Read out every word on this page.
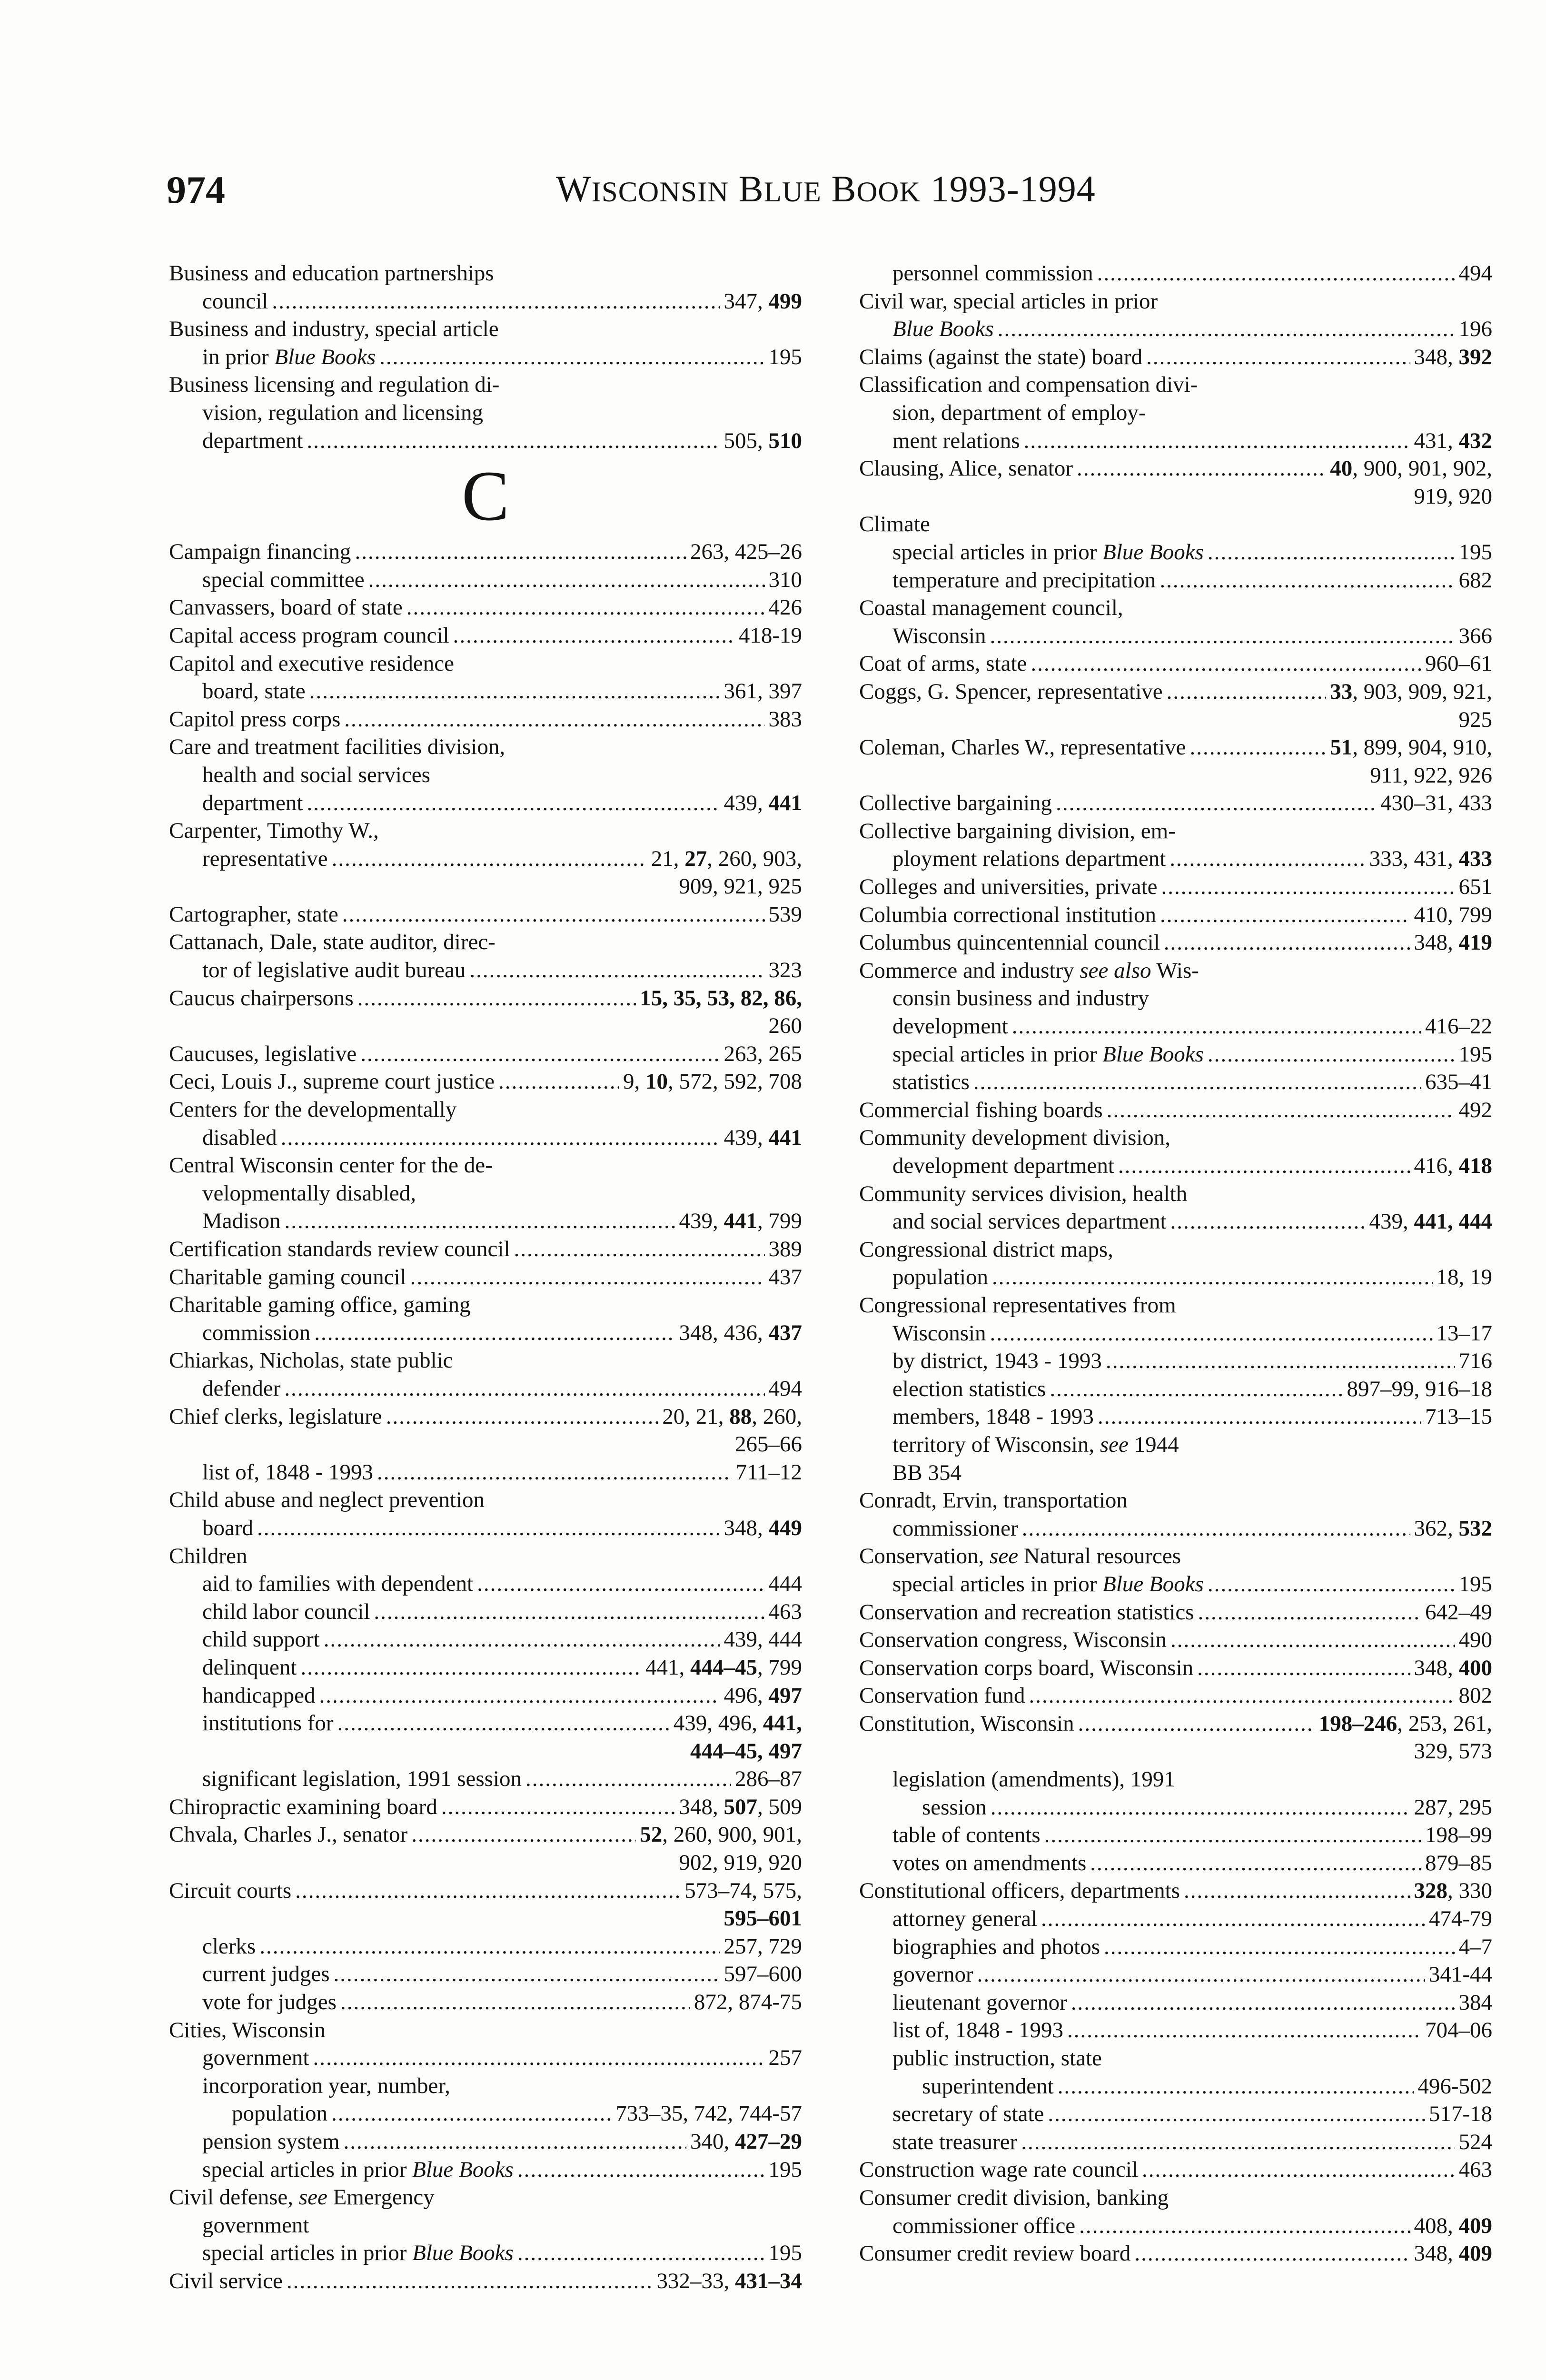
974	WISCONSIN BLUE BOOK 1993-1994
Business and education partnerships
council .....	347, 499
Business and industry, special article
in prior Blue Books .....	195
Business licensing and regulation di-
vision, regulation and licensing
department .....	505, 510
C
Campaign financing .....	263, 425–26
special committee .....	310
Canvassers, board of state .....	426
Capital access program council .....	418-19
Capitol and executive residence
board, state .....	361, 397
Capitol press corps .....	383
Care and treatment facilities division,
health and social services
department .....	439, 441
Carpenter, Timothy W.,
representative .....	21, 27, 260, 903,
909, 921, 925
Cartographer, state .....	539
Cattanach, Dale, state auditor, direc-
tor of legislative audit bureau .....	323
Caucus chairpersons .....	15, 35, 53, 82, 86,
260
Caucuses, legislative .....	263, 265
Ceci, Louis J., supreme court justice .....	9, 10, 572, 592, 708
Centers for the developmentally
disabled .....	439, 441
Central Wisconsin center for the de-
velopmentally disabled,
Madison .....	439, 441, 799
Certification standards review council .....	389
Charitable gaming council .....	437
Charitable gaming office, gaming
commission .....	348, 436, 437
Chiarkas, Nicholas, state public
defender .....	494
Chief clerks, legislature .....	20, 21, 88, 260,
265–66
list of, 1848 - 1993 .....	711–12
Child abuse and neglect prevention
board .....	348, 449
Children
aid to families with dependent .....	444
child labor council .....	463
child support .....	439, 444
delinquent .....	441, 444–45, 799
handicapped .....	496, 497
institutions for .....	439, 496, 441,
444–45, 497
significant legislation, 1991 session .....	286–87
Chiropractic examining board .....	348, 507, 509
Chvala, Charles J., senator .....	52, 260, 900, 901,
902, 919, 920
Circuit courts .....	573–74, 575,
595–601
clerks .....	257, 729
current judges .....	597–600
vote for judges .....	872, 874-75
Cities, Wisconsin
government .....	257
incorporation year, number,
population .....	733–35, 742, 744-57
pension system .....	340, 427–29
special articles in prior Blue Books .....	195
Civil defense, see Emergency
government
special articles in prior Blue Books .....	195
Civil service .....	332–33, 431–34
personnel commission .....	494
Civil war, special articles in prior
Blue Books .....	196
Claims (against the state) board .....	348, 392
Classification and compensation divi-
sion, department of employ-
ment relations .....	431, 432
Clausing, Alice, senator .....	40, 900, 901, 902,
919, 920
Climate
special articles in prior Blue Books .....	195
temperature and precipitation .....	682
Coastal management council,
Wisconsin .....	366
Coat of arms, state .....	960–61
Coggs, G. Spencer, representative .....	33, 903, 909, 921,
925
Coleman, Charles W., representative .....	51, 899, 904, 910,
911, 922, 926
Collective bargaining .....	430–31, 433
Collective bargaining division, em-
ployment relations department .....	333, 431, 433
Colleges and universities, private .....	651
Columbia correctional institution .....	410, 799
Columbus quincentennial council .....	348, 419
Commerce and industry see also Wis-
consin business and industry
development .....	416–22
special articles in prior Blue Books .....	195
statistics .....	635–41
Commercial fishing boards .....	492
Community development division,
development department .....	416, 418
Community services division, health
and social services department .....	439, 441, 444
Congressional district maps,
population .....	18, 19
Congressional representatives from
Wisconsin .....	13–17
by district, 1943 - 1993 .....	716
election statistics .....	897–99, 916–18
members, 1848 - 1993 .....	713–15
territory of Wisconsin, see 1944
BB 354
Conradt, Ervin, transportation
commissioner .....	362, 532
Conservation, see Natural resources
special articles in prior Blue Books .....	195
Conservation and recreation statistics .....	642–49
Conservation congress, Wisconsin .....	490
Conservation corps board, Wisconsin .....	348, 400
Conservation fund .....	802
Constitution, Wisconsin .....	198–246, 253, 261,
329, 573
legislation (amendments), 1991
session .....	287, 295
table of contents .....	198–99
votes on amendments .....	879–85
Constitutional officers, departments .....	328, 330
attorney general .....	474-79
biographies and photos .....	4–7
governor .....	341-44
lieutenant governor .....	384
list of, 1848 - 1993 .....	704–06
public instruction, state
superintendent .....	496-502
secretary of state .....	517-18
state treasurer .....	524
Construction wage rate council .....	463
Consumer credit division, banking
commissioner office .....	408, 409
Consumer credit review board .....	348, 409
